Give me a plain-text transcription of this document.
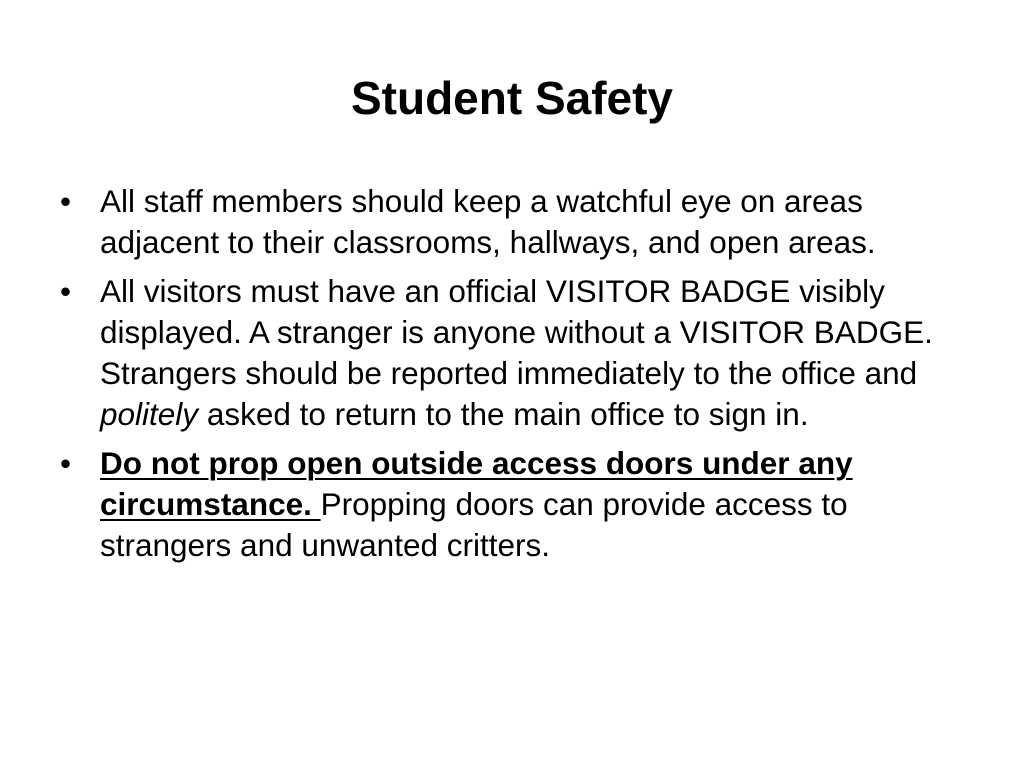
Student Safety
• All staff members should keep a watchful eye on areas adjacent to their classrooms, hallways, and open areas.
• All visitors must have an official VISITOR BADGE visibly displayed. A stranger is anyone without a VISITOR BADGE. Strangers should be reported immediately to the office and politely asked to return to the main office to sign in.
• Do not prop open outside access doors under any circumstance. Propping doors can provide access to strangers and unwanted critters.
